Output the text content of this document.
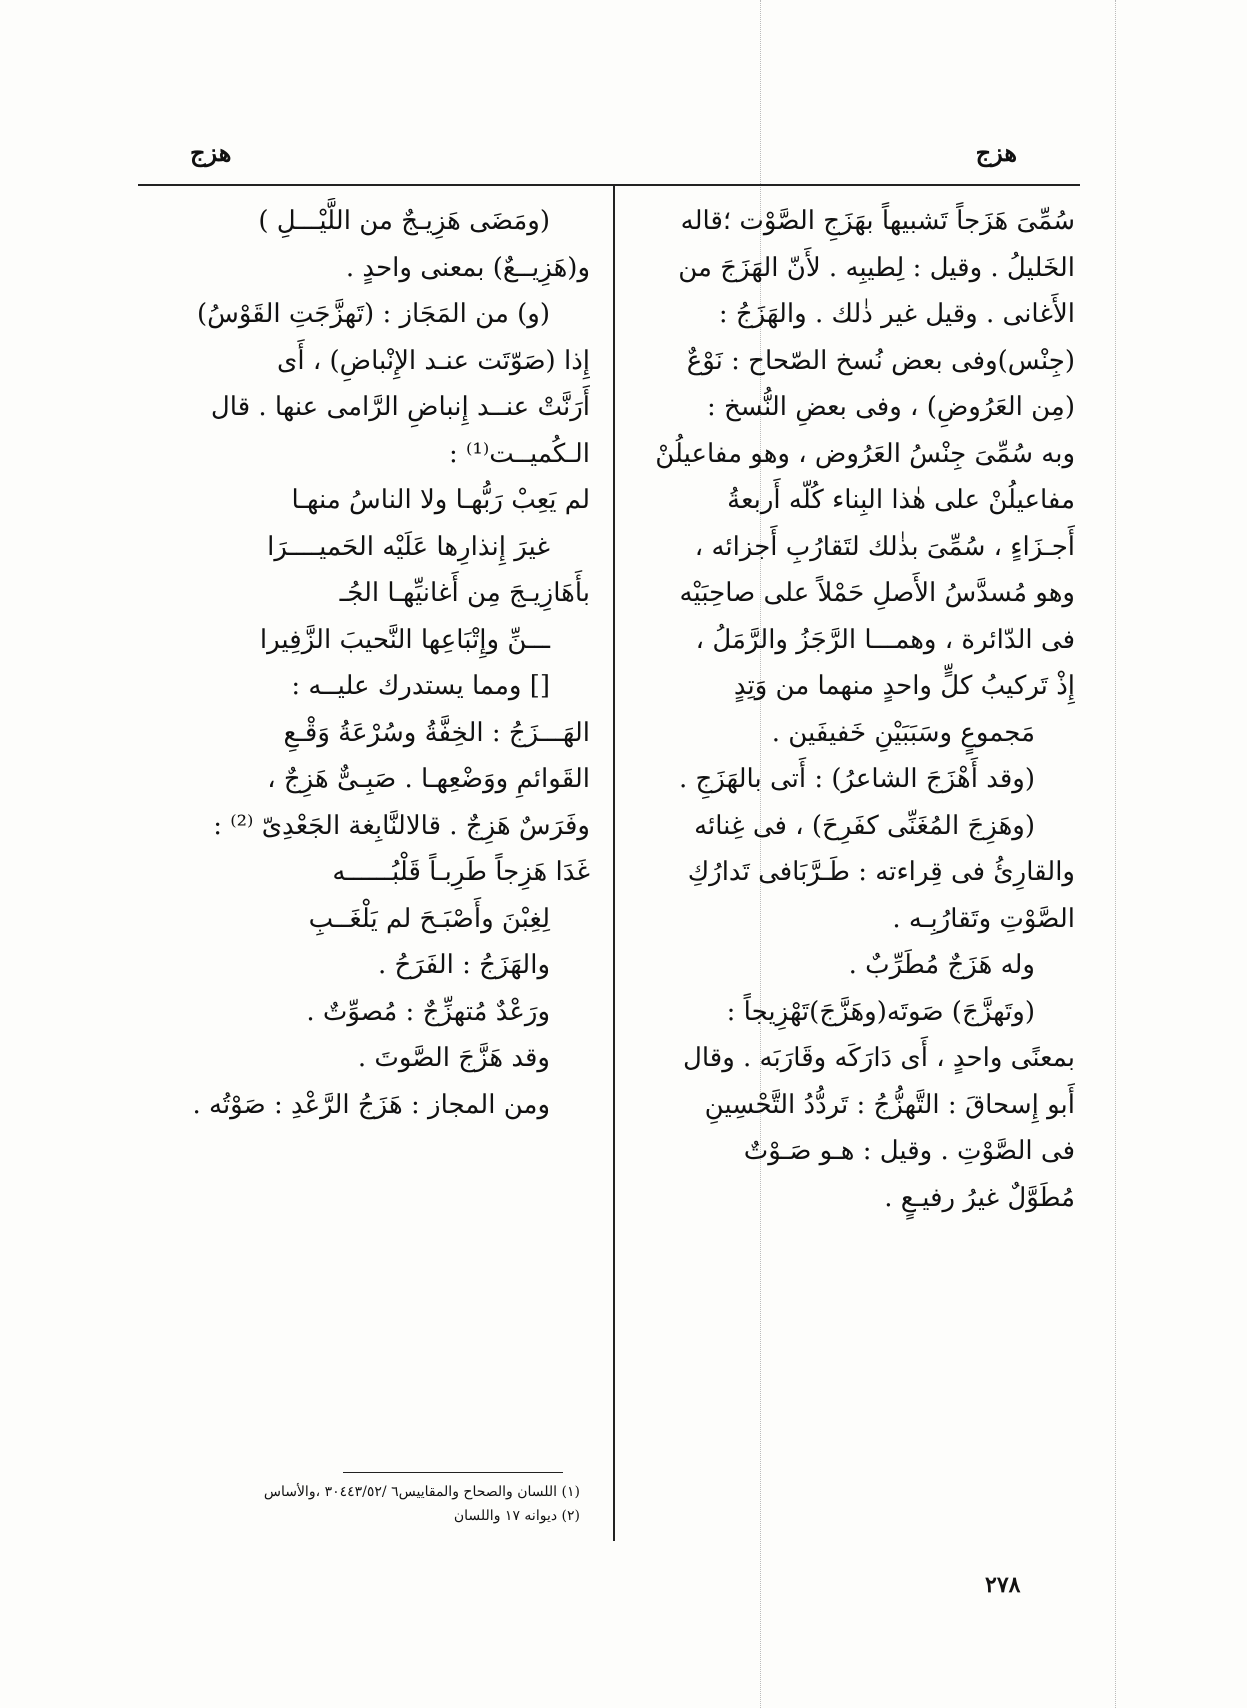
هزج
هزج
سُمِّىَ هَزَجاً تَشبيهاً بهَزَجِ الصَّوْت ؛قاله
الخَليلُ . وقيل : لِطيبِه . لأَنّ الهَزَجَ من
الأَغانى . وقيل غير ذٰلك . والهَزَجُ :
(جِنْس)وفى بعض نُسخ الصّحاح : نَوْعٌ
(مِن العَرُوضِ) ، وفى بعضِ النُّسخ :
وبه سُمِّىَ جِنْسُ العَرُوض ، وهو مفاعيلُنْ
مفاعيلُنْ على هٰذا البِناء كُلّه أَربعةُ
أَجـزَاءٍ ، سُمِّىَ بذٰلك لتَقارُبِ أَجزائه ،
وهو مُسدَّسُ الأَصلِ حَمْلاً على صاحِبَيْه
فى الدّائرة ، وهمـــا الرَّجَزُ والرَّمَلُ ،
إِذْ تَركيبُ كلٍّ واحدٍ منهما من وَتِدٍ
مَجموعٍ وسَبَبَيْنِ خَفيفَين .
(وقد أَهْزَجَ الشاعرُ) : أَتى بالهَزَجِ .
(وهَزِجَ المُغَنِّى كفَرِحَ) ، فى غِنائه
والقارِئُ فى قِراءته : طَـرَّبَافى تَدارُكِ
الصَّوْتِ وتَقارُبِـه .
وله هَزَجٌ مُطَرِّبٌ .
(وتَهزَّجَ) صَوتَه(وهَزَّجَ)تَهْزِيجاً :
بمعنًى واحدٍ ، أَى دَارَكَه وقَارَبَه . وقال
أَبو إِسحاقَ : التَّهزُّجُ : تَردُّدُ التَّحْسِينِ
فى الصَّوْتِ . وقيل : هـو صَـوْتٌ
مُطَوَّلٌ غيرُ رفيـعٍ .
(ومَضَى هَزِيـجٌ من اللَّيْـــلِ )
و(هَزِيــعٌ) بمعنى واحدٍ .
(و) من المَجَاز : (تَهزَّجَتِ القَوْسُ)
إِذا (صَوّتَت عنـد الإِنْباضِ) ، أَى
أَرَنَّتْ عنــد إِنباضِ الرَّامى عنها . قال
الـكُميــت⁽¹⁾ :
لم يَعِبْ رَبُّهـا ولا الناسُ منهـا
غيرَ إِنذارِها عَلَيْه الحَميــــرَا
بأَهَازِيـجَ مِن أَغانيِّهـا الجُـ
ـــنِّ وإِتْبَاعِها النَّحيبَ الزَّفِيرا
[] ومما يستدرك عليــه :
الهَـــزَجُ : الخِفَّةُ وسُرْعَةُ وَقْـعِ
القَوائمِ ووَضْعِهـا . صَبِـىٌّ هَزِجٌ ،
وفَرَسٌ هَزِجٌ . قالالنَّابِغة الجَعْدِىّ ⁽²⁾ :
غَدَا هَزِجاً طَرِبـاً قَلْبُــــــه
لِغِبْنَ وأَصْبَـحَ لم يَلْغَــبِ
والهَزَجُ : الفَرَحُ .
ورَعْدٌ مُتهزِّجٌ : مُصوِّتٌ .
وقد هَزَّجَ الصَّوتَ .
ومن المجاز : هَزَجُ الرَّعْدِ : صَوْتُه .
(١) اللسان والصحاح والمقاييس٦ /٣٠٤٤٣/٥٢ ،والأساس
(٢) ديوانه ١٧ واللسان
٢٧٨
